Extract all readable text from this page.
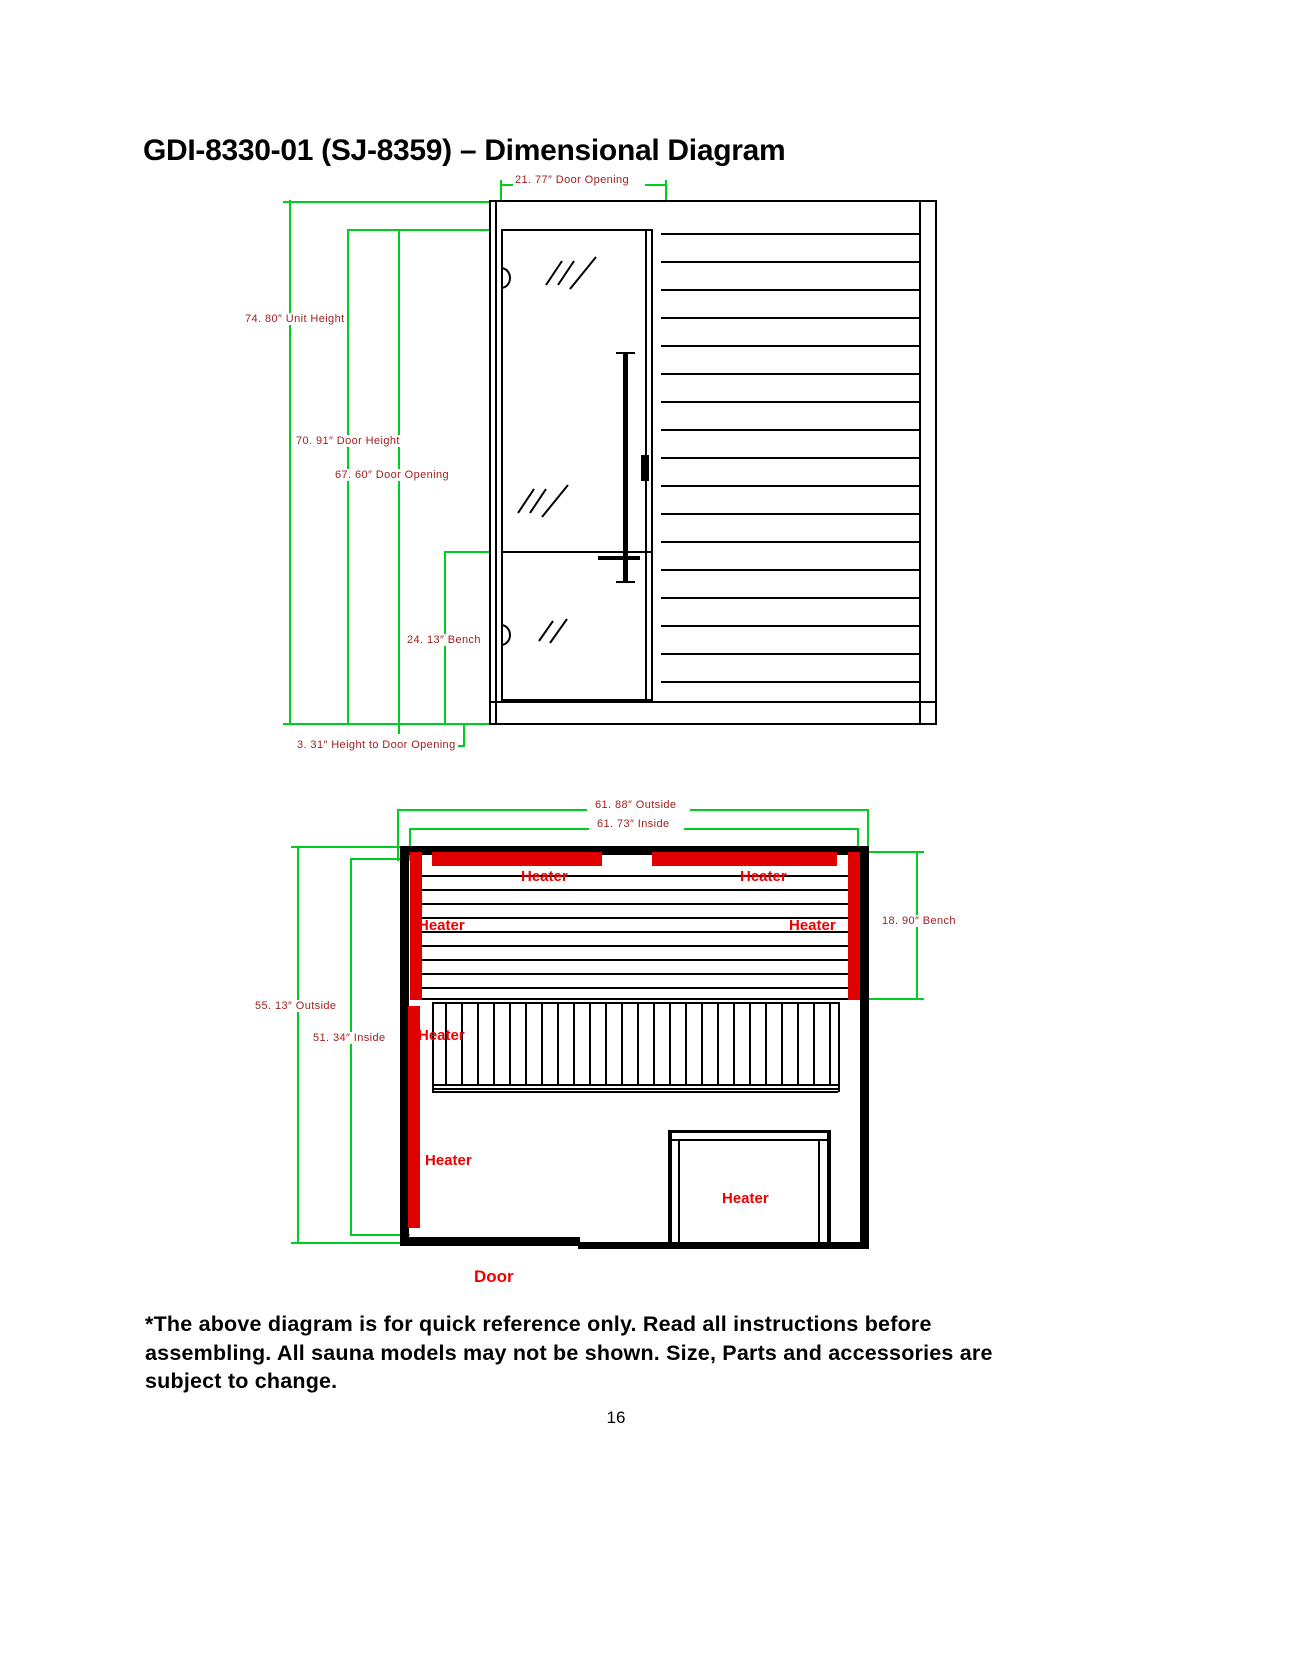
GDI-8330-01 (SJ-8359) – Dimensional Diagram
21. 77″ Door Opening
74. 80″ Unit Height
70. 91″ Door Height
67. 60″ Door Opening
24. 13″ Bench
3. 31″ Height to Door Opening
61. 88″ Outside
61. 73″ Inside
55. 13″ Outside
51. 34″ Inside
18. 90″ Bench
Heater	Heater
Heater	Heater
Heater
Heater
Heater
Door
*The above diagram is for quick reference only. Read all instructions before assembling. All sauna models may not be shown. Size, Parts and accessories are subject to change.
16
